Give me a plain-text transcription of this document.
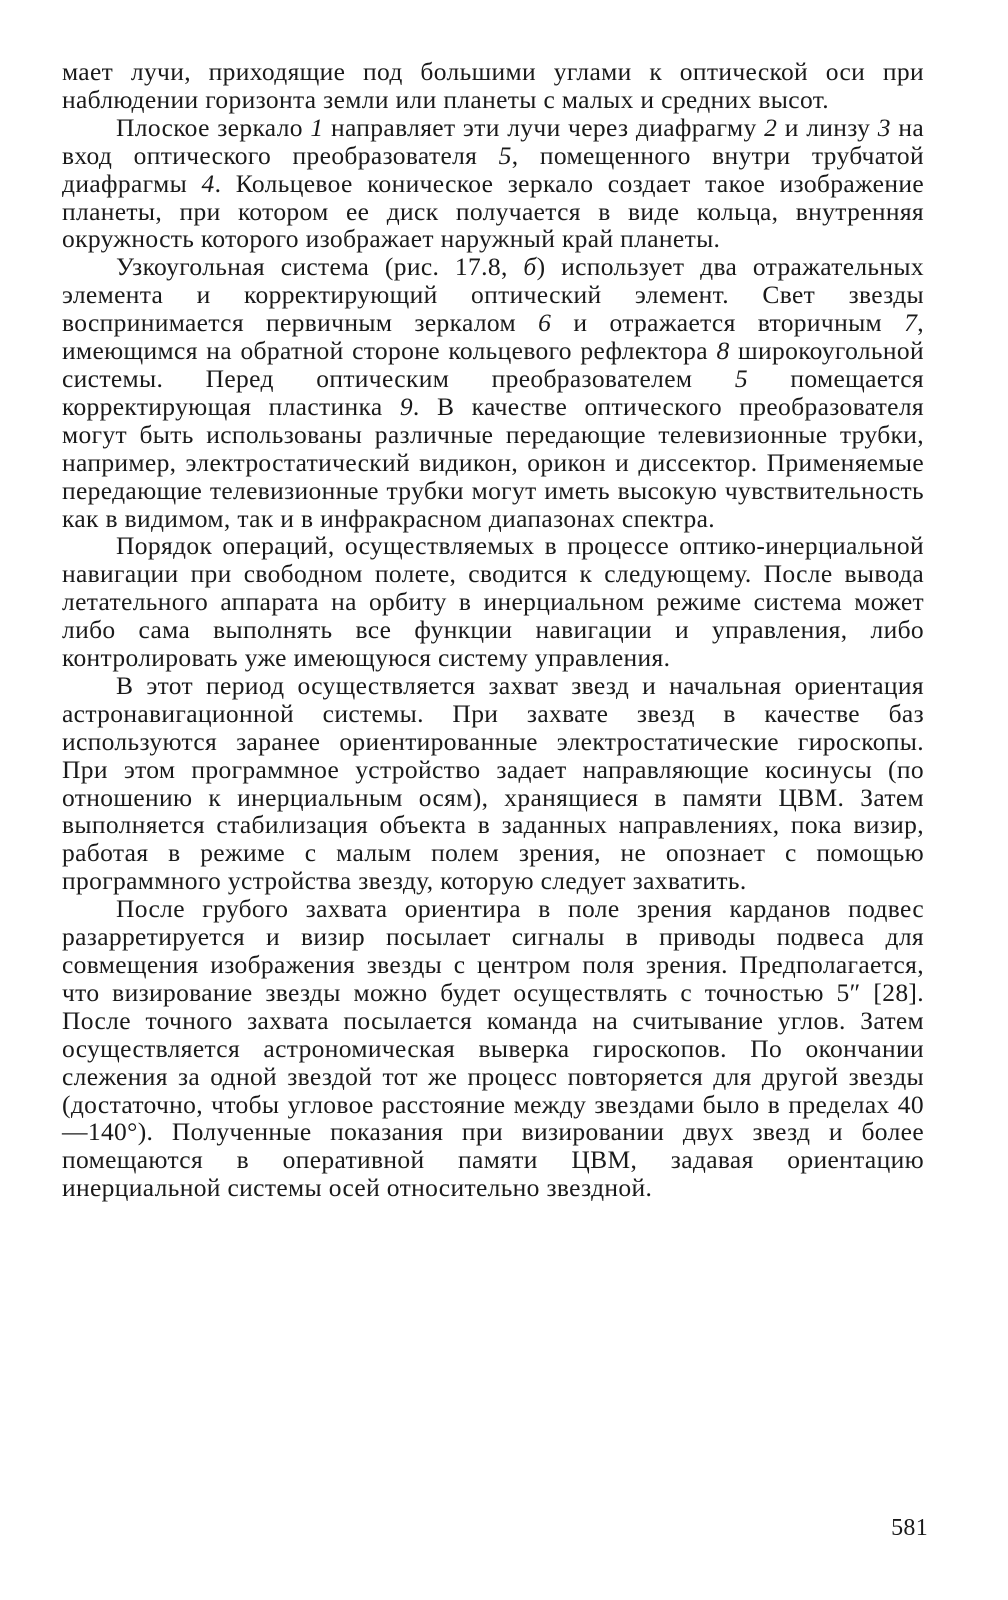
мает лучи, приходящие под большими углами к оптической оси при наблюдении горизонта земли или планеты с малых и средних высот.

Плоское зеркало 1 направляет эти лучи через диафрагму 2 и линзу 3 на вход оптического преобразователя 5, помещенного внутри трубчатой диафрагмы 4. Кольцевое коническое зеркало создает такое изображение планеты, при котором ее диск получается в виде кольца, внутренняя окружность которого изображает наружный край планеты.

Узкоугольная система (рис. 17.8, б) использует два отражательных элемента и корректирующий оптический элемент. Свет звезды воспринимается первичным зеркалом 6 и отражается вторичным 7, имеющимся на обратной стороне кольцевого рефлектора 8 широкоугольной системы. Перед оптическим преобразователем 5 помещается корректирующая пластинка 9. В качестве оптического преобразователя могут быть использованы различные передающие телевизионные трубки, например, электростатический видикон, орикон и диссектор. Применяемые передающие телевизионные трубки могут иметь высокую чувствительность как в видимом, так и в инфракрасном диапазонах спектра.

Порядок операций, осуществляемых в процессе оптико-инерциальной навигации при свободном полете, сводится к следующему. После вывода летательного аппарата на орбиту в инерциальном режиме система может либо сама выполнять все функции навигации и управления, либо контролировать уже имеющуюся систему управления.

В этот период осуществляется захват звезд и начальная ориентация астронавигационной системы. При захвате звезд в качестве баз используются заранее ориентированные электростатические гироскопы. При этом программное устройство задает направляющие косинусы (по отношению к инерциальным осям), хранящиеся в памяти ЦВМ. Затем выполняется стабилизация объекта в заданных направлениях, пока визир, работая в режиме с малым полем зрения, не опознает с помощью программного устройства звезду, которую следует захватить.

После грубого захвата ориентира в поле зрения карданов подвес разарретируется и визир посылает сигналы в приводы подвеса для совмещения изображения звезды с центром поля зрения. Предполагается, что визирование звезды можно будет осуществлять с точностью 5″ [28]. После точного захвата посылается команда на считывание углов. Затем осуществляется астрономическая выверка гироскопов. По окончании слежения за одной звездой тот же процесс повторяется для другой звезды (достаточно, чтобы угловое расстояние между звездами было в пределах 40—140°). Полученные показания при визировании двух звезд и более помещаются в оперативной памяти ЦВМ, задавая ориентацию инерциальной системы осей относительно звездной.

581
